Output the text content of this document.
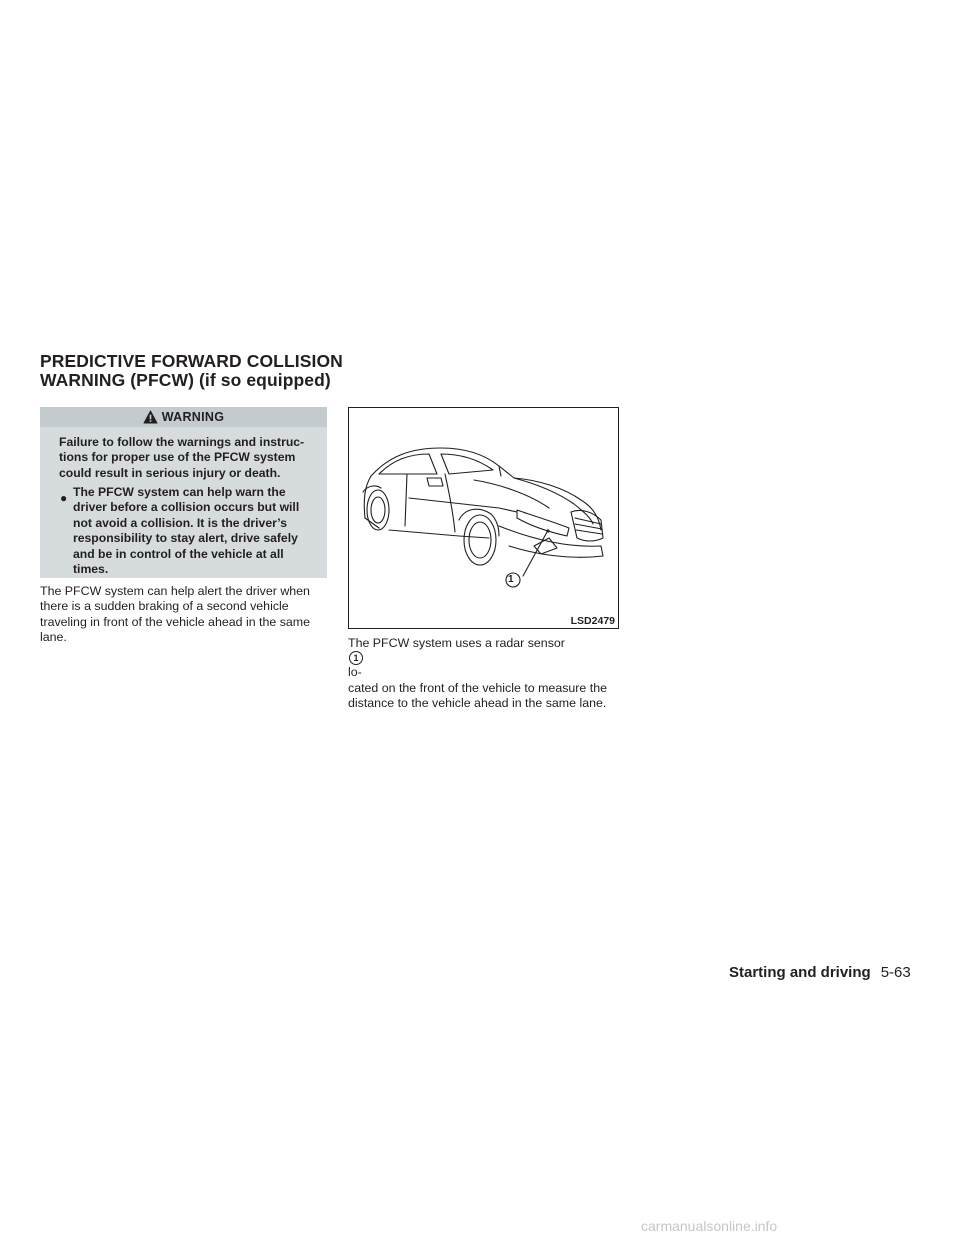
PREDICTIVE FORWARD COLLISION
WARNING (PFCW) (if so equipped)
WARNING

Failure to follow the warnings and instruc-
tions for proper use of the PFCW system
could result in serious injury or death.

● The PFCW system can help warn the
driver before a collision occurs but will
not avoid a collision. It is the driver’s
responsibility to stay alert, drive safely
and be in control of the vehicle at all
times.

The PFCW system can help alert the driver when
there is a sudden braking of a second vehicle
traveling in front of the vehicle ahead in the same
lane.

1
LSD2479

The PFCW system uses a radar sensor
1
lo-
cated on the front of the vehicle to measure the
distance to the vehicle ahead in the same lane.

Starting and driving 5-63
carmanualsonline.info
